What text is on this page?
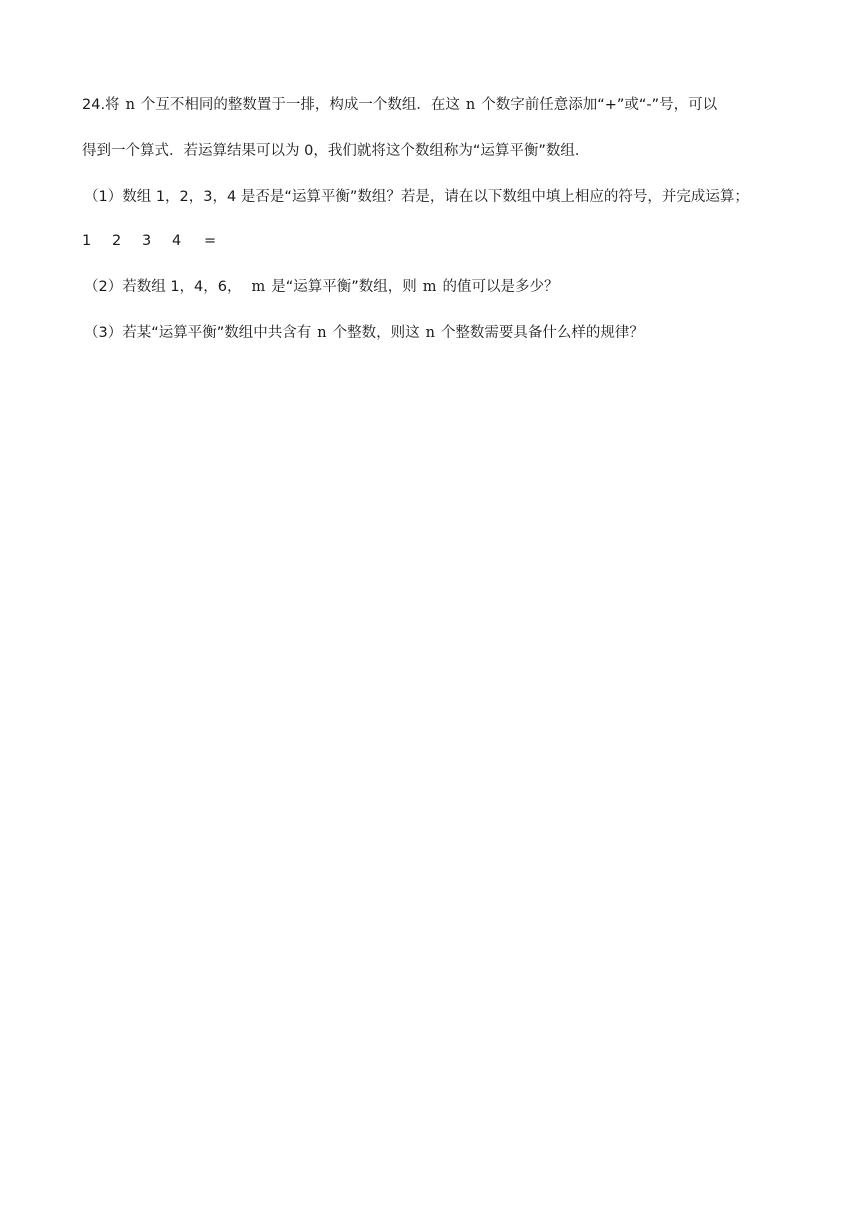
24.将 n 个互不相同的整数置于一排，构成一个数组．在这 n 个数字前任意添加“+”或“-”号，可以
得到一个算式．若运算结果可以为 0，我们就将这个数组称为“运算平衡”数组．
（1）数组 1，2，3，4 是否是“运算平衡”数组？若是，请在以下数组中填上相应的符号，并完成运算；
1 2 3 4 =
（2）若数组 1，4，6， m 是“运算平衡”数组，则 m 的值可以是多少？
（3）若某“运算平衡”数组中共含有 n 个整数，则这 n 个整数需要具备什么样的规律？
